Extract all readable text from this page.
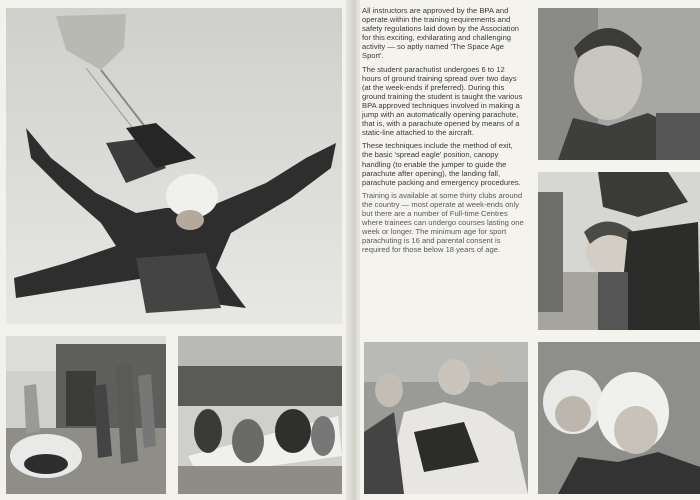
All instructors are approved by the BPA and operate within the training requirements and safety regulations laid down by the Association for this exciting, exhilarating and challenging activity — so aptly named 'The Space Age Sport'.

The student parachutist undergoes 6 to 12 hours of ground training spread over two days (at the week-ends if preferred). During this ground training the student is taught the various BPA approved techniques involved in making a jump with an automatically opening parachute, that is, with a parachute opened by means of a static-line attached to the aircraft.

These techniques include the method of exit, the basic 'spread eagle' position, canopy handling (to enable the jumper to guide the parachute after opening), the landing fall, parachute packing and emergency procedures.

Training is available at some thirty clubs around the country — most operate at week-ends only but there are a number of Full-time Centres where trainees can undergo courses lasting one week or longer. The minimum age for sport parachuting is 16 and parental consent is required for those below 18 years of age.
